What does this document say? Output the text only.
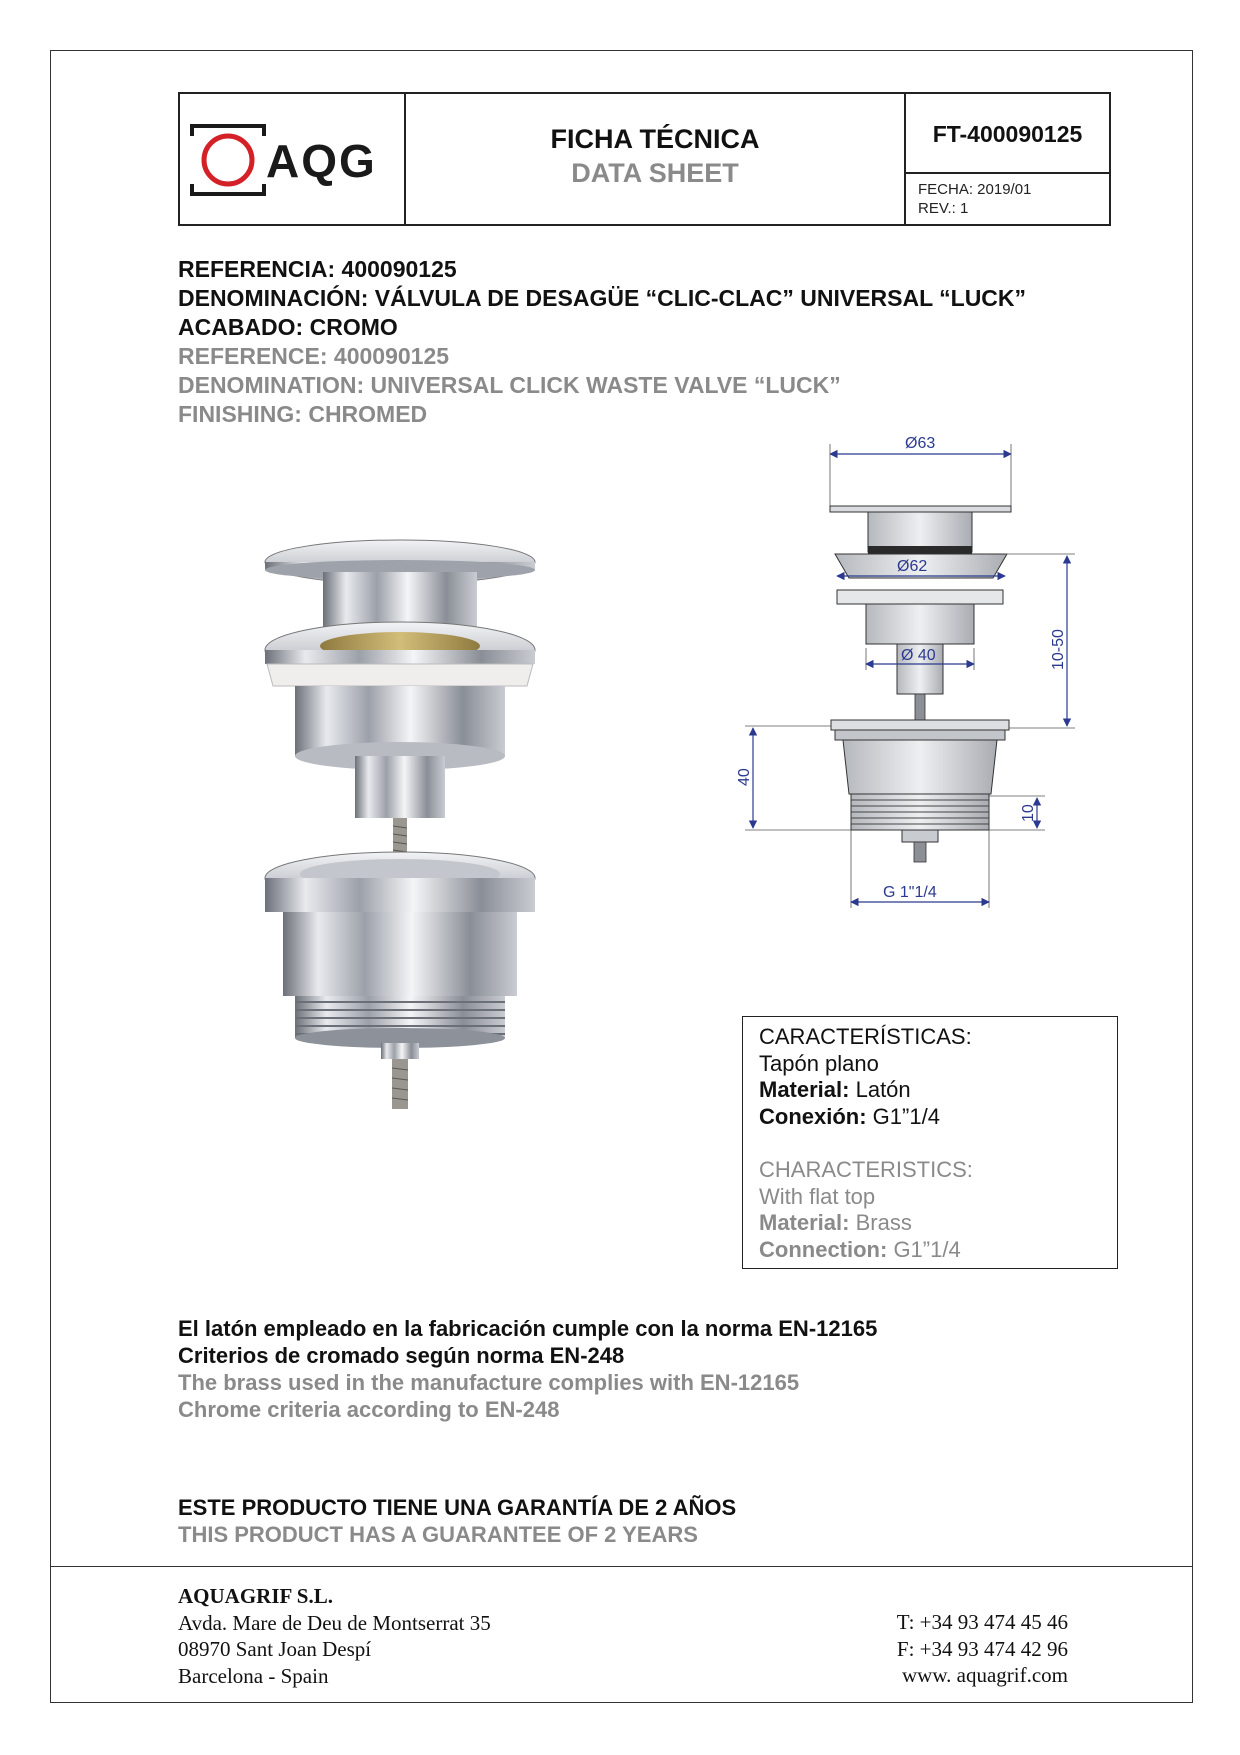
AQG	FICHA TÉCNICA
DATA SHEET
FT-400090125
FECHA: 2019/01
REV.: 1
REFERENCIA: 400090125
DENOMINACIÓN: VÁLVULA DE DESAGÜE “CLIC-CLAC” UNIVERSAL “LUCK”
ACABADO: CROMO
REFERENCE: 400090125
DENOMINATION: UNIVERSAL CLICK WASTE VALVE “LUCK”
FINISHING: CHROMED
Ø63
Ø62
Ø 40	10-50
40
10
G 1"1/4
CARACTERÍSTICAS:
Tapón plano
Material: Latón
Conexión: G1”1/4
CHARACTERISTICS:
With flat top
Material: Brass
Connection: G1”1/4
El latón empleado en la fabricación cumple con la norma EN-12165
Criterios de cromado según norma EN-248
The brass used in the manufacture complies with EN-12165
Chrome criteria according to EN-248
ESTE PRODUCTO TIENE UNA GARANTÍA DE 2 AÑOS
THIS PRODUCT HAS A GUARANTEE OF 2 YEARS
AQUAGRIF S.L.
Avda. Mare de Deu de Montserrat 35
08970 Sant Joan Despí
Barcelona - Spain
T: +34 93 474 45 46
F: +34 93 474 42 96
www. aquagrif.com
